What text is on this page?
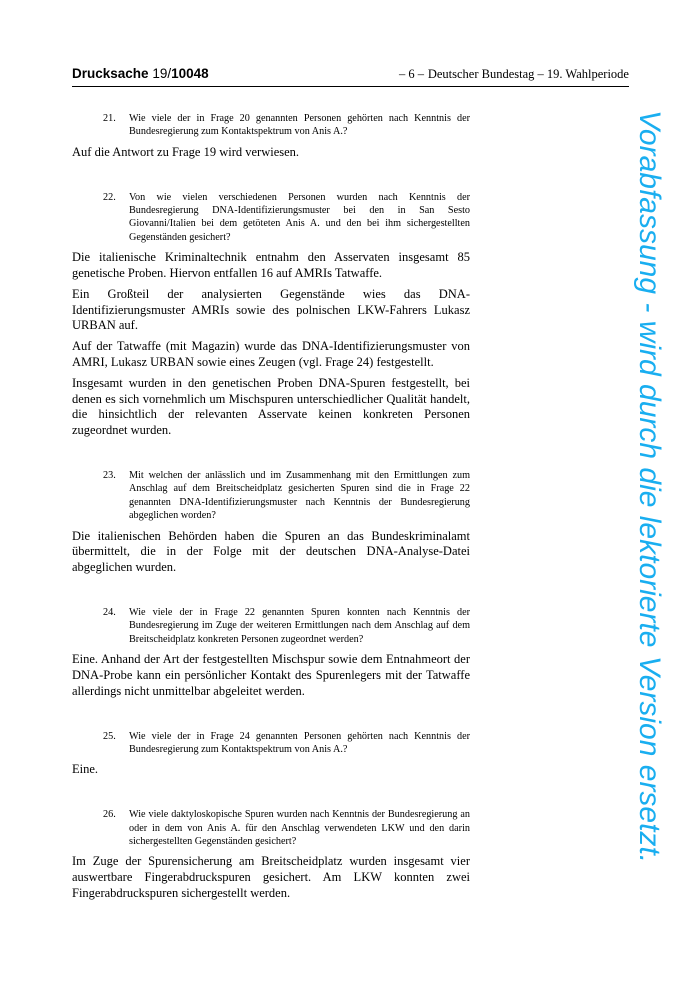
Drucksache 19/10048	– 6 – Deutscher Bundestag – 19. Wahlperiode
21. Wie viele der in Frage 20 genannten Personen gehörten nach Kenntnis der Bundesregierung zum Kontaktspektrum von Anis A.?
Auf die Antwort zu Frage 19 wird verwiesen.
22. Von wie vielen verschiedenen Personen wurden nach Kenntnis der Bundesregierung DNA-Identifizierungsmuster bei den in San Sesto Giovanni/Italien bei dem getöteten Anis A. und den bei ihm sichergestellten Gegenständen gesichert?
Die italienische Kriminaltechnik entnahm den Asservaten insgesamt 85 genetische Proben. Hiervon entfallen 16 auf AMRIs Tatwaffe.
Ein Großteil der analysierten Gegenstände wies das DNA-Identifizierungsmuster AMRIs sowie des polnischen LKW-Fahrers Lukasz URBAN auf.
Auf der Tatwaffe (mit Magazin) wurde das DNA-Identifizierungsmuster von AMRI, Lukasz URBAN sowie eines Zeugen (vgl. Frage 24) festgestellt.
Insgesamt wurden in den genetischen Proben DNA-Spuren festgestellt, bei denen es sich vornehmlich um Mischspuren unterschiedlicher Qualität handelt, die hinsichtlich der relevanten Asservate keinen konkreten Personen zugeordnet wurden.
23. Mit welchen der anlässlich und im Zusammenhang mit den Ermittlungen zum Anschlag auf dem Breitscheidplatz gesicherten Spuren sind die in Frage 22 genannten DNA-Identifizierungsmuster nach Kenntnis der Bundesregierung abgeglichen worden?
Die italienischen Behörden haben die Spuren an das Bundeskriminalamt übermittelt, die in der Folge mit der deutschen DNA-Analyse-Datei abgeglichen wurden.
24. Wie viele der in Frage 22 genannten Spuren konnten nach Kenntnis der Bundesregierung im Zuge der weiteren Ermittlungen nach dem Anschlag auf dem Breitscheidplatz konkreten Personen zugeordnet werden?
Eine. Anhand der Art der festgestellten Mischspur sowie dem Entnahmeort der DNA-Probe kann ein persönlicher Kontakt des Spurenlegers mit der Tatwaffe allerdings nicht unmittelbar abgeleitet werden.
25. Wie viele der in Frage 24 genannten Personen gehörten nach Kenntnis der Bundesregierung zum Kontaktspektrum von Anis A.?
Eine.
26. Wie viele daktyloskopische Spuren wurden nach Kenntnis der Bundesregierung an oder in dem von Anis A. für den Anschlag verwendeten LKW und den darin sichergestellten Gegenständen gesichert?
Im Zuge der Spurensicherung am Breitscheidplatz wurden insgesamt vier auswertbare Fingerabdruckspuren gesichert. Am LKW konnten zwei Fingerabdruckspuren sichergestellt werden.
Vorabfassung - wird durch die lektorierte Version ersetzt.
